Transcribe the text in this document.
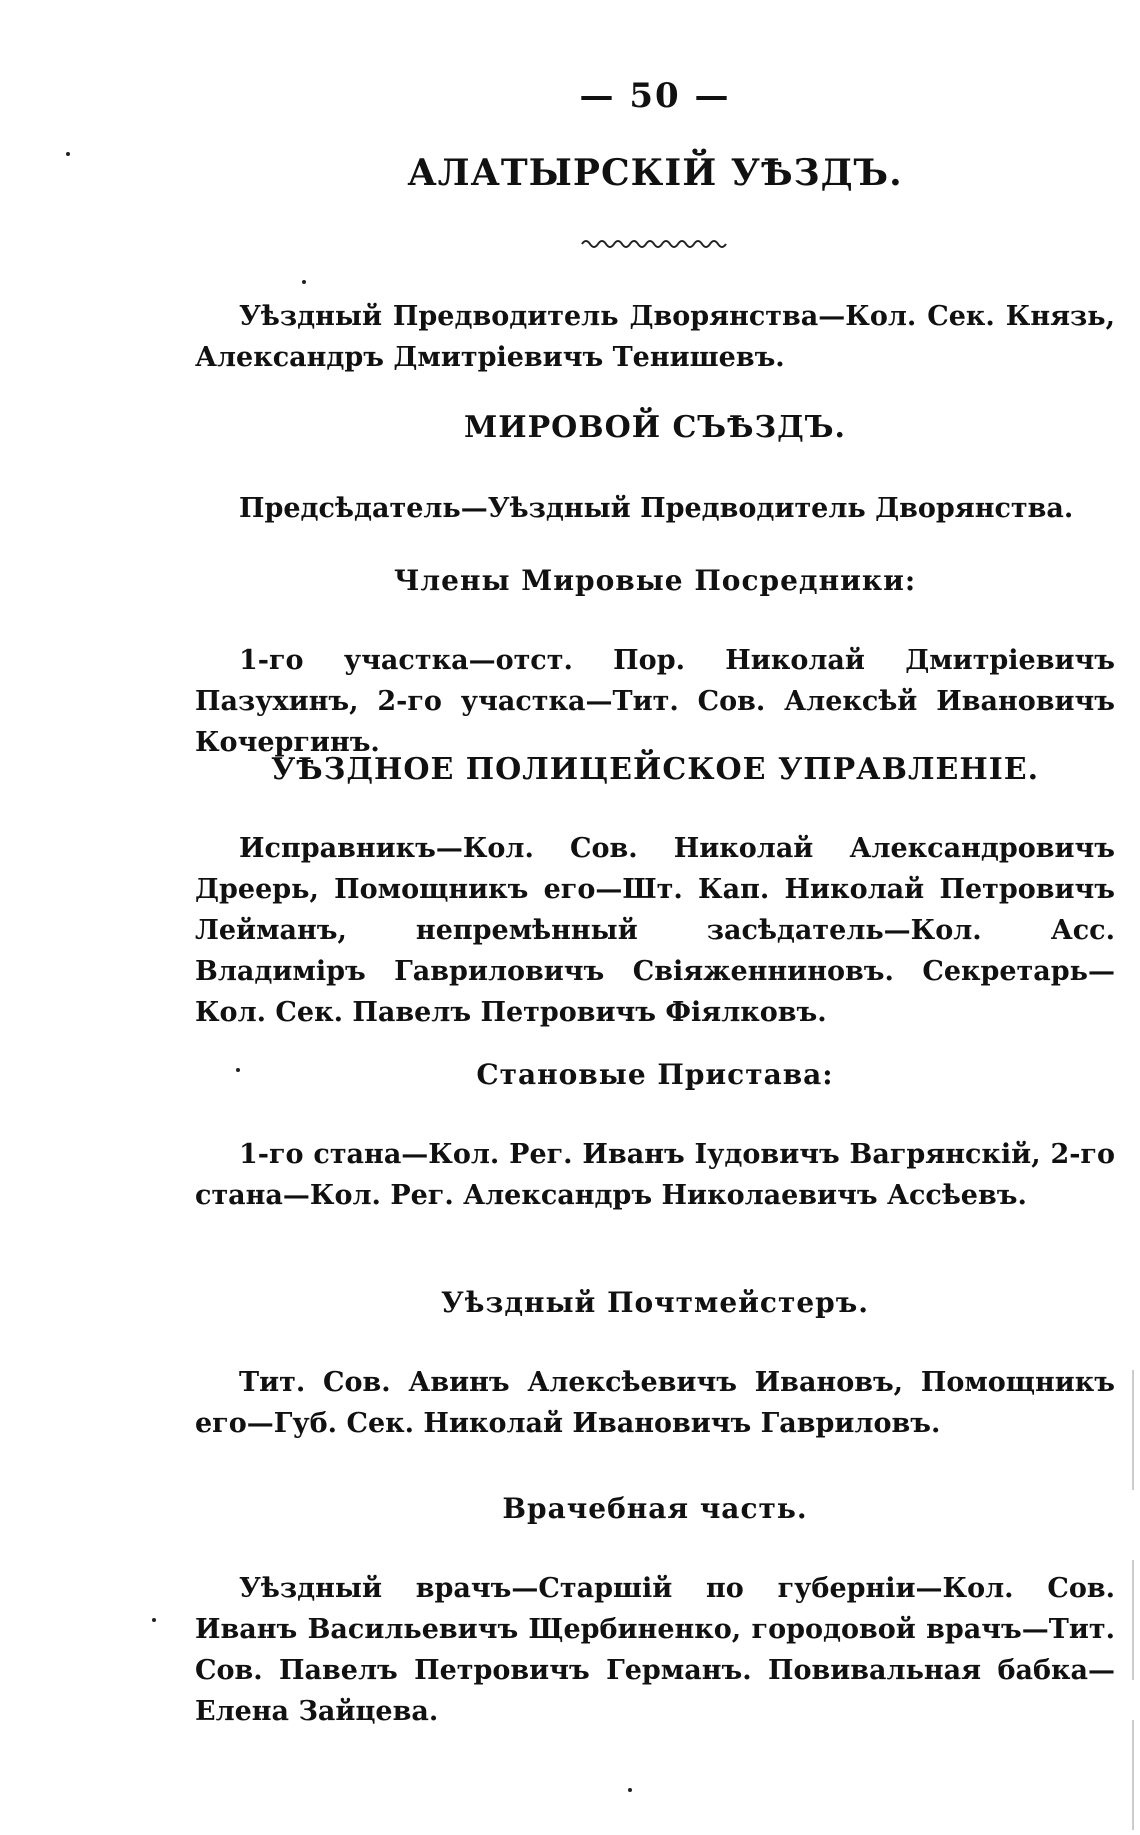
— 50 —
АЛАТЫРСКІЙ УѢЗДЪ.
Уѣздный Предводитель Дворянства—Кол. Сек. Князь, Александръ Дмитріевичъ Тенишевъ.
МИРОВОЙ СЪѢЗДЪ.
Предсѣдатель—Уѣздный Предводитель Дворянства.
Члены Мировые Посредники:
1-го участка—отст. Пор. Николай Дмитріевичъ Пазухинъ, 2-го участка—Тит. Сов. Алексѣй Ивановичъ Кочергинъ.
УѢЗДНОЕ ПОЛИЦЕЙСКОЕ УПРАВЛЕНІЕ.
Исправникъ—Кол. Сов. Николай Александровичъ Дреерь, Помощникъ его—Шт. Кап. Николай Петровичъ Лейманъ, непремѣнный засѣдатель—Кол. Асс. Владиміръ Гавриловичъ Свіяженниновъ. Секретарь—Кол. Сек. Павелъ Петровичъ Фіялковъ.
Становые Пристава:
1-го стана—Кол. Рег. Иванъ Іудовичъ Вагрянскій, 2-го стана—Кол. Рег. Александръ Николаевичъ Ассѣевъ.
Уѣздный Почтмейстеръ.
Тит. Сов. Авинъ Алексѣевичъ Ивановъ, Помощникъ его—Губ. Сек. Николай Ивановичъ Гавриловъ.
Врачебная часть.
Уѣздный врачъ—Старшій по губерніи—Кол. Сов. Иванъ Васильевичъ Щербиненко, городовой врачъ—Тит. Сов. Павелъ Петровичъ Германъ. Повивальная бабка—Елена Зайцева.
